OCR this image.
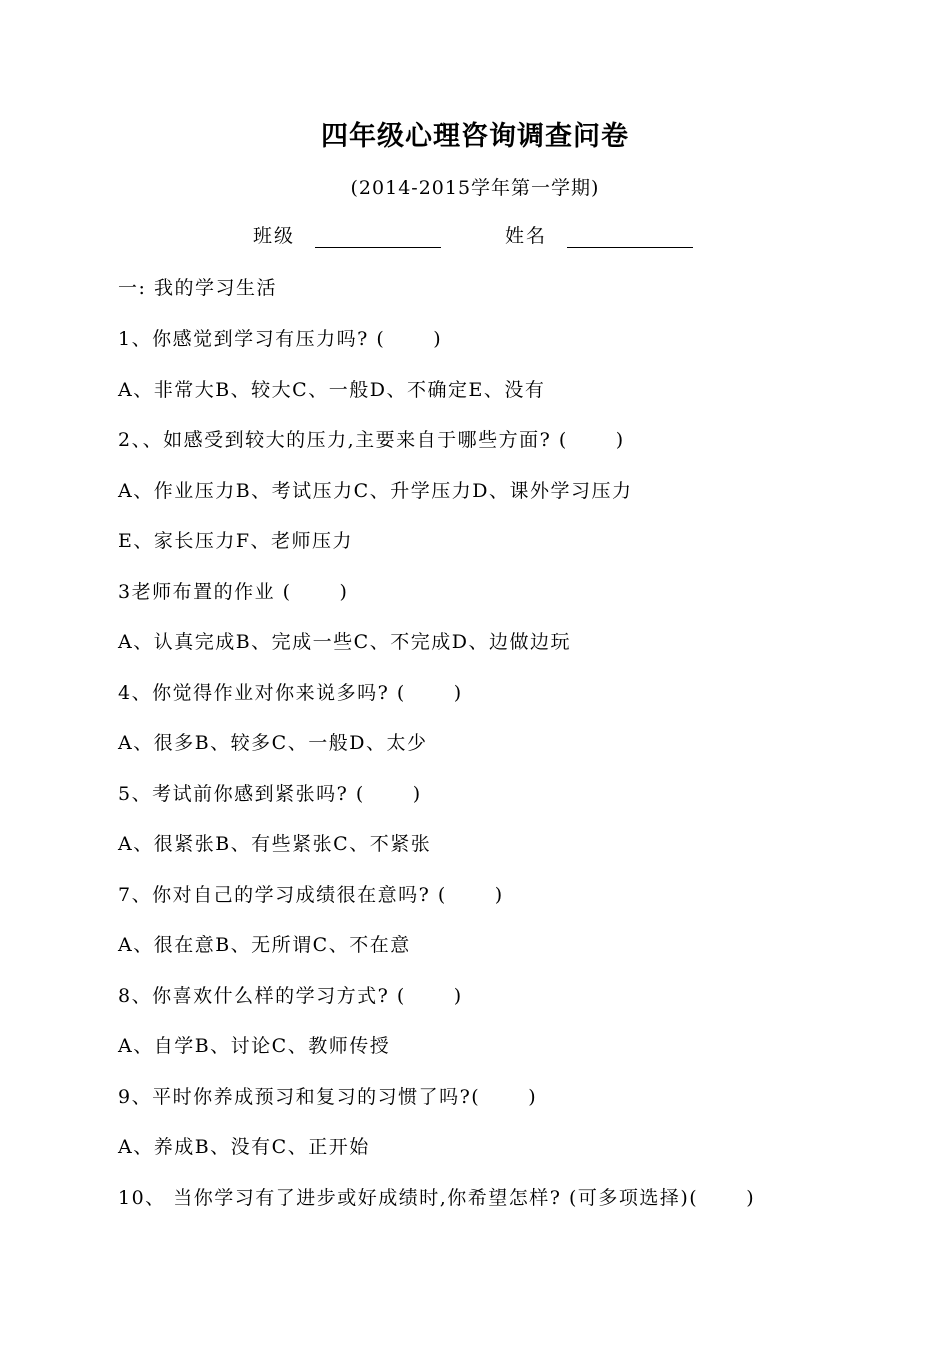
四年级心理咨询调查问卷
(2014-2015学年第一学期)
班级	姓名
一: 我的学习生活
1、你感觉到学习有压力吗? (	)
A、非常大B、较大C、一般D、不确定E、没有
2、、如感受到较大的压力,主要来自于哪些方面? (	)
A、作业压力B、考试压力C、升学压力D、课外学习压力
E、家长压力F、老师压力
3老师布置的作业 (	)
A、认真完成B、完成一些C、不完成D、边做边玩
4、你觉得作业对你来说多吗? (	)
A、很多B、较多C、一般D、太少
5、考试前你感到紧张吗? (	)
A、很紧张B、有些紧张C、不紧张
7、你对自己的学习成绩很在意吗? (	)
A、很在意B、无所谓C、不在意
8、你喜欢什么样的学习方式? (	)
A、自学B、讨论C、教师传授
9、平时你养成预习和复习的习惯了吗?(	)
A、养成B、没有C、正开始
10、 当你学习有了进步或好成绩时,你希望怎样? (可多项选择)(	)
